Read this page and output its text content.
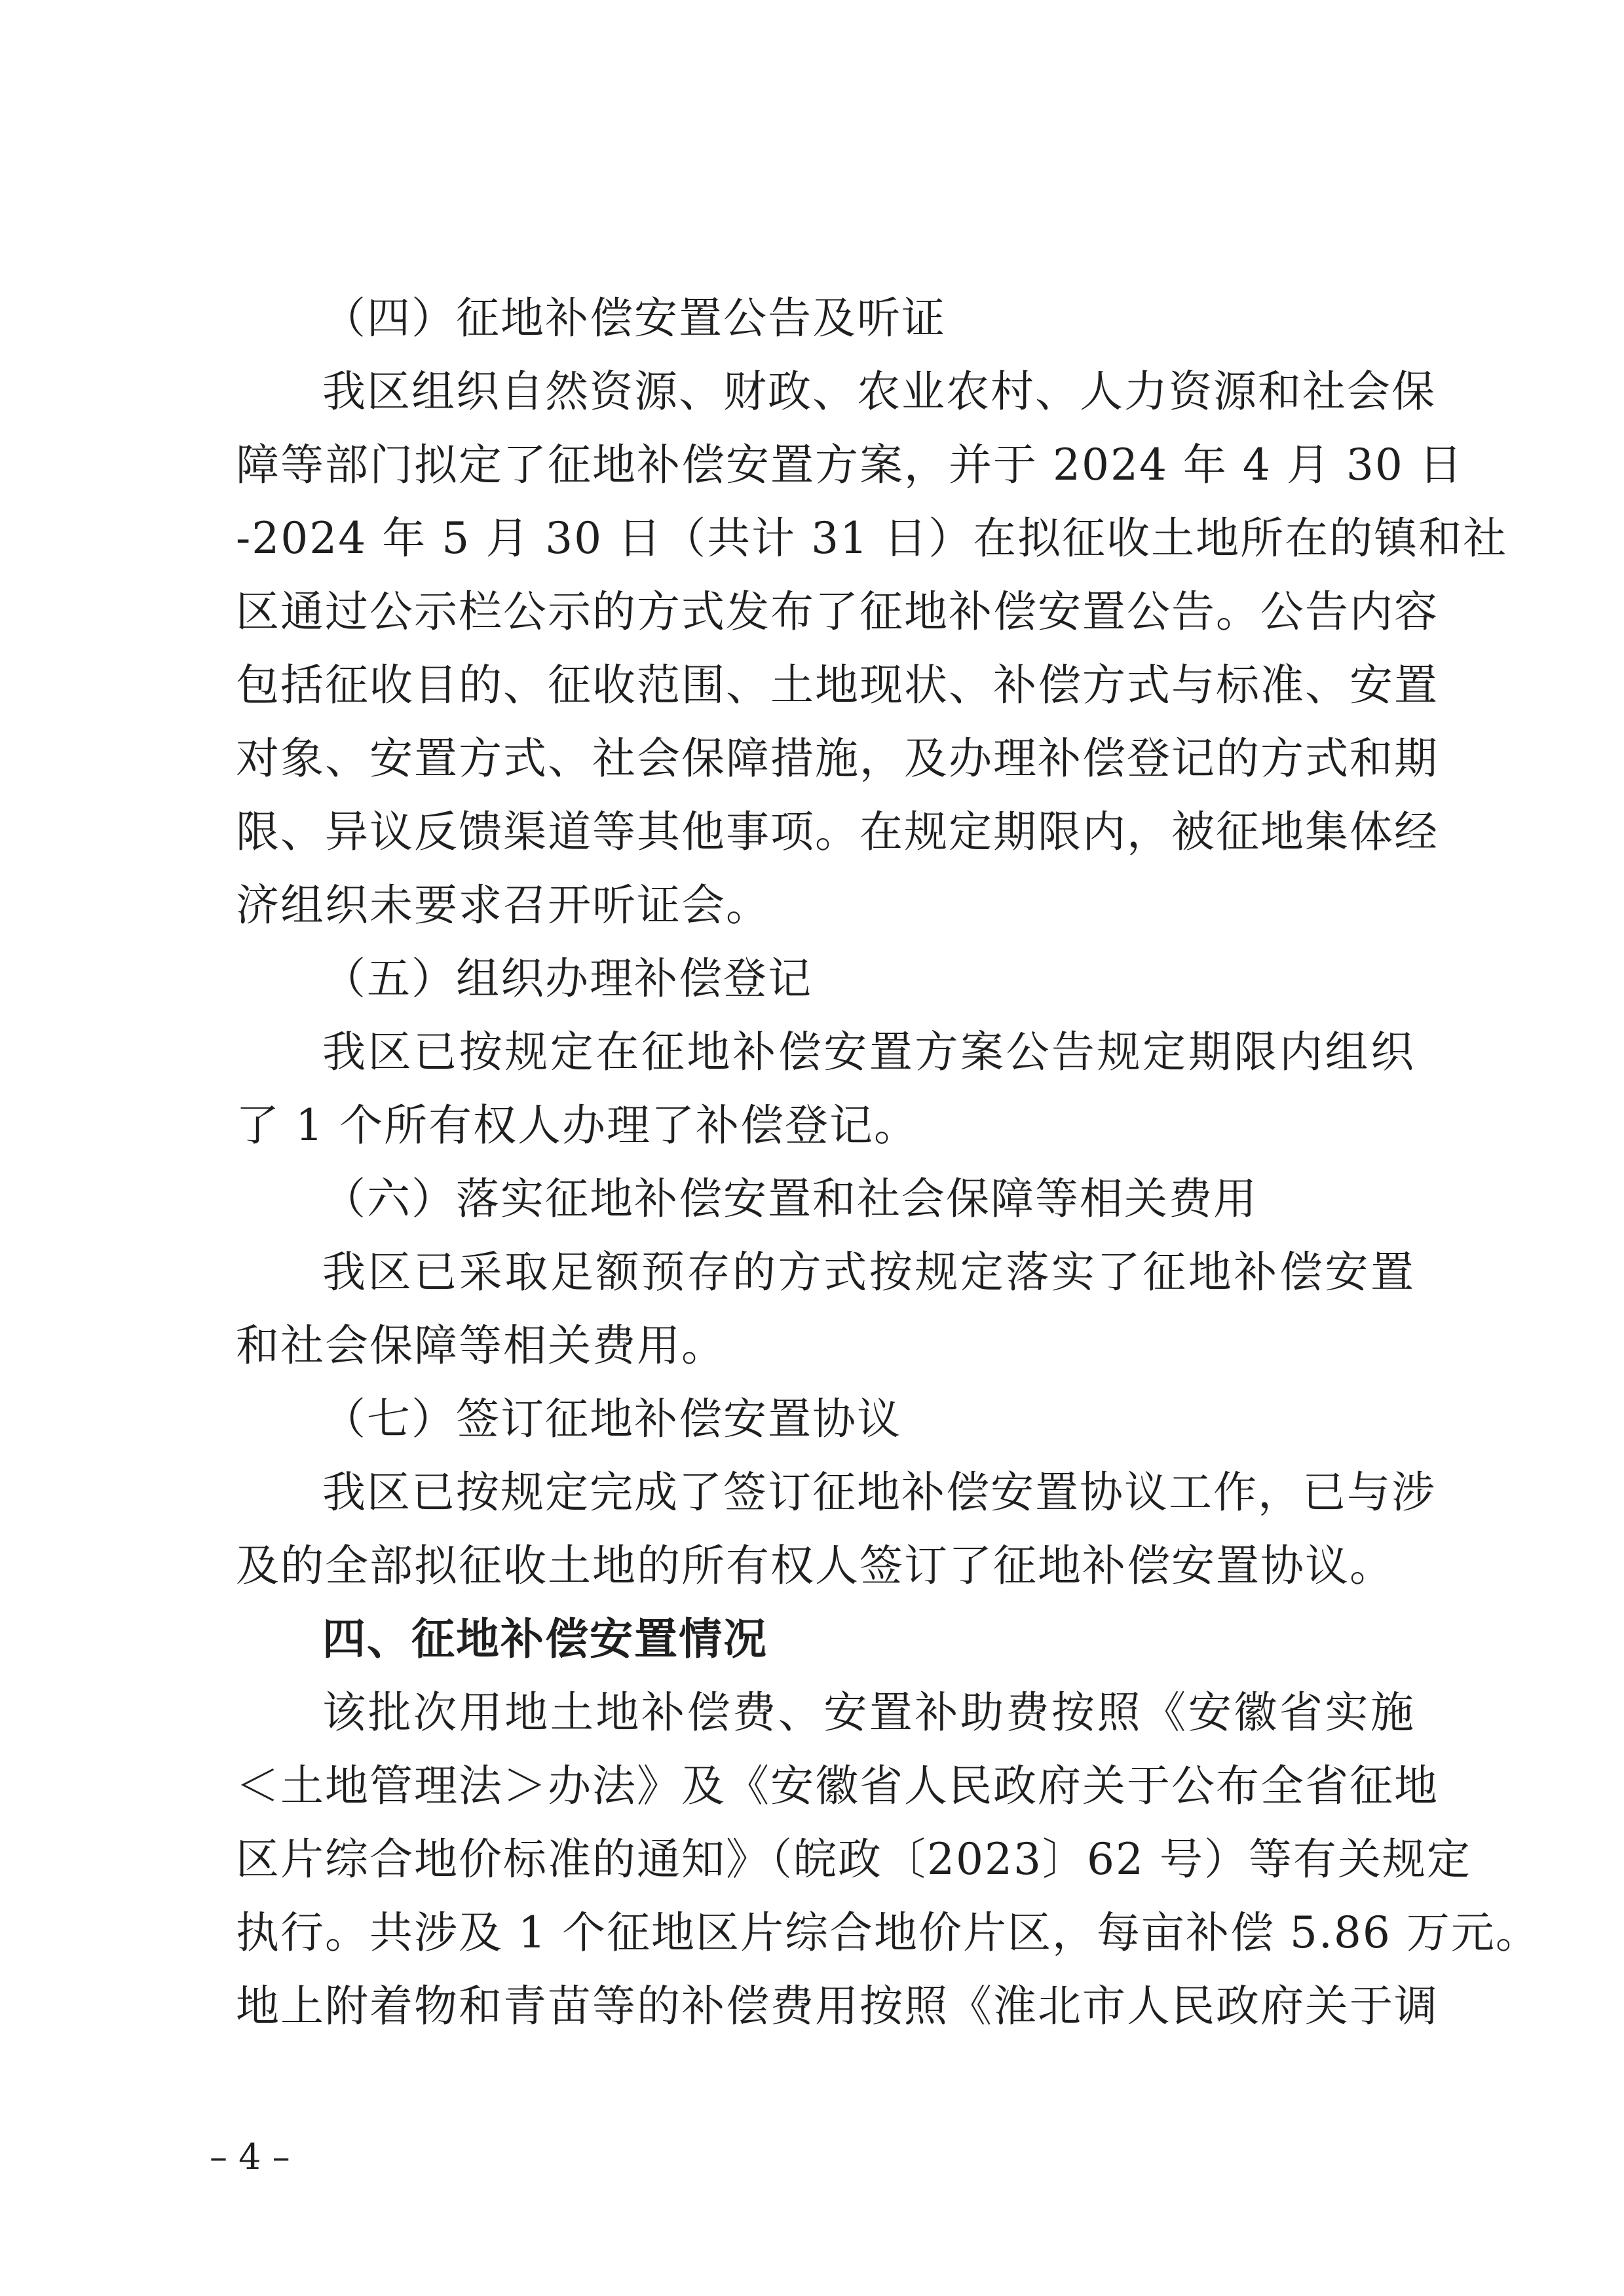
（四）征地补偿安置公告及听证
我区组织自然资源、财政、农业农村、人力资源和社会保
障等部门拟定了征地补偿安置方案，并于 2024 年 4 月 30 日
-2024 年 5 月 30 日（共计 31 日）在拟征收土地所在的镇和社
区通过公示栏公示的方式发布了征地补偿安置公告。公告内容
包括征收目的、征收范围、土地现状、补偿方式与标准、安置
对象、安置方式、社会保障措施，及办理补偿登记的方式和期
限、异议反馈渠道等其他事项。在规定期限内，被征地集体经
济组织未要求召开听证会。
（五）组织办理补偿登记
我区已按规定在征地补偿安置方案公告规定期限内组织
了 1 个所有权人办理了补偿登记。
（六）落实征地补偿安置和社会保障等相关费用
我区已采取足额预存的方式按规定落实了征地补偿安置
和社会保障等相关费用。
（七）签订征地补偿安置协议
我区已按规定完成了签订征地补偿安置协议工作，已与涉
及的全部拟征收土地的所有权人签订了征地补偿安置协议。
四、征地补偿安置情况
该批次用地土地补偿费、安置补助费按照《安徽省实施
＜土地管理法＞办法》及《安徽省人民政府关于公布全省征地
区片综合地价标准的通知》（皖政〔2023〕62 号）等有关规定
执行。共涉及 1 个征地区片综合地价片区，每亩补偿 5.86 万元。
地上附着物和青苗等的补偿费用按照《淮北市人民政府关于调
– 4 –
